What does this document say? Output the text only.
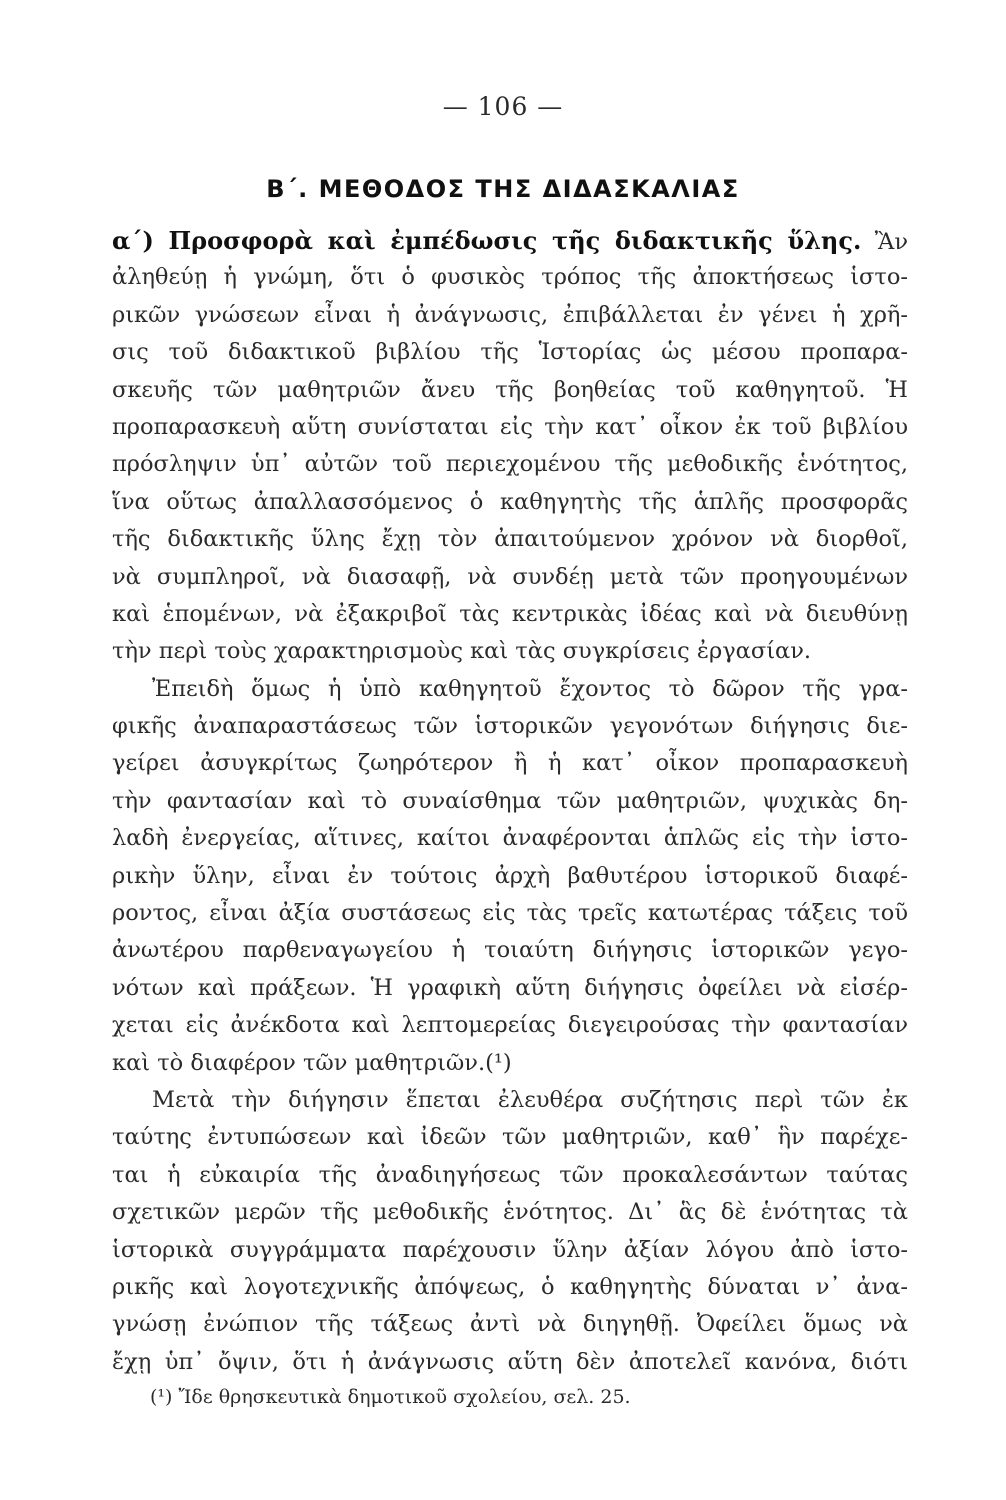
— 106 —
Β΄. ΜΕΘΟΔΟΣ ΤΗΣ ΔΙΔΑΣΚΑΛΙΑΣ
α΄) Προσφορὰ καὶ ἐμπέδωσις τῆς διδακτικῆς ὕλης. Ἂν
ἀληθεύῃ ἡ γνώμη, ὅτι ὁ φυσικὸς τρόπος τῆς ἀποκτήσεως ἱστο-
ρικῶν γνώσεων εἶναι ἡ ἀνάγνωσις, ἐπιβάλλεται ἐν γένει ἡ χρῆ-
σις τοῦ διδακτικοῦ βιβλίου τῆς Ἱστορίας ὡς μέσου προπαρα-
σκευῆς τῶν μαθητριῶν ἄνευ τῆς βοηθείας τοῦ καθηγητοῦ. Ἡ
προπαρασκευὴ αὕτη συνίσταται εἰς τὴν κατ᾽ οἶκον ἐκ τοῦ βιβλίου
πρόσληψιν ὑπ᾽ αὐτῶν τοῦ περιεχομένου τῆς μεθοδικῆς ἑνότητος,
ἵνα οὕτως ἀπαλλασσόμενος ὁ καθηγητὴς τῆς ἁπλῆς προσφορᾶς
τῆς διδακτικῆς ὕλης ἔχῃ τὸν ἀπαιτούμενον χρόνον νὰ διορθοῖ,
νὰ συμπληροῖ, νὰ διασαφῇ, νὰ συνδέῃ μετὰ τῶν προηγουμένων
καὶ ἑπομένων, νὰ ἐξακριβοῖ τὰς κεντρικὰς ἰδέας καὶ νὰ διευθύνῃ
τὴν περὶ τοὺς χαρακτηρισμοὺς καὶ τὰς συγκρίσεις ἐργασίαν.
Ἐπειδὴ ὅμως ἡ ὑπὸ καθηγητοῦ ἔχοντος τὸ δῶρον τῆς γρα-
φικῆς ἀναπαραστάσεως τῶν ἱστορικῶν γεγονότων διήγησις διε-
γείρει ἀσυγκρίτως ζωηρότερον ἢ ἡ κατ᾽ οἶκον προπαρασκευὴ
τὴν φαντασίαν καὶ τὸ συναίσθημα τῶν μαθητριῶν, ψυχικὰς δη-
λαδὴ ἐνεργείας, αἵτινες, καίτοι ἀναφέρονται ἁπλῶς εἰς τὴν ἱστο-
ρικὴν ὕλην, εἶναι ἐν τούτοις ἀρχὴ βαθυτέρου ἱστορικοῦ διαφέ-
ροντος, εἶναι ἀξία συστάσεως εἰς τὰς τρεῖς κατωτέρας τάξεις τοῦ
ἀνωτέρου παρθεναγωγείου ἡ τοιαύτη διήγησις ἱστορικῶν γεγο-
νότων καὶ πράξεων. Ἡ γραφικὴ αὕτη διήγησις ὀφείλει νὰ εἰσέρ-
χεται εἰς ἀνέκδοτα καὶ λεπτομερείας διεγειρούσας τὴν φαντασίαν
καὶ τὸ διαφέρον τῶν μαθητριῶν.(¹)
Μετὰ τὴν διήγησιν ἕπεται ἐλευθέρα συζήτησις περὶ τῶν ἐκ
ταύτης ἐντυπώσεων καὶ ἰδεῶν τῶν μαθητριῶν, καθ᾽ ἣν παρέχε-
ται ἡ εὐκαιρία τῆς ἀναδιηγήσεως τῶν προκαλεσάντων ταύτας
σχετικῶν μερῶν τῆς μεθοδικῆς ἑνότητος. Δι᾽ ἃς δὲ ἑνότητας τὰ
ἱστορικὰ συγγράμματα παρέχουσιν ὕλην ἀξίαν λόγου ἀπὸ ἱστο-
ρικῆς καὶ λογοτεχνικῆς ἀπόψεως, ὁ καθηγητὴς δύναται ν᾽ ἀνα-
γνώσῃ ἐνώπιον τῆς τάξεως ἀντὶ νὰ διηγηθῇ. Ὀφείλει ὅμως νὰ
ἔχῃ ὑπ᾽ ὄψιν, ὅτι ἡ ἀνάγνωσις αὕτη δὲν ἀποτελεῖ κανόνα, διότι
(¹) Ἴδε θρησκευτικὰ δημοτικοῦ σχολείου, σελ. 25.
